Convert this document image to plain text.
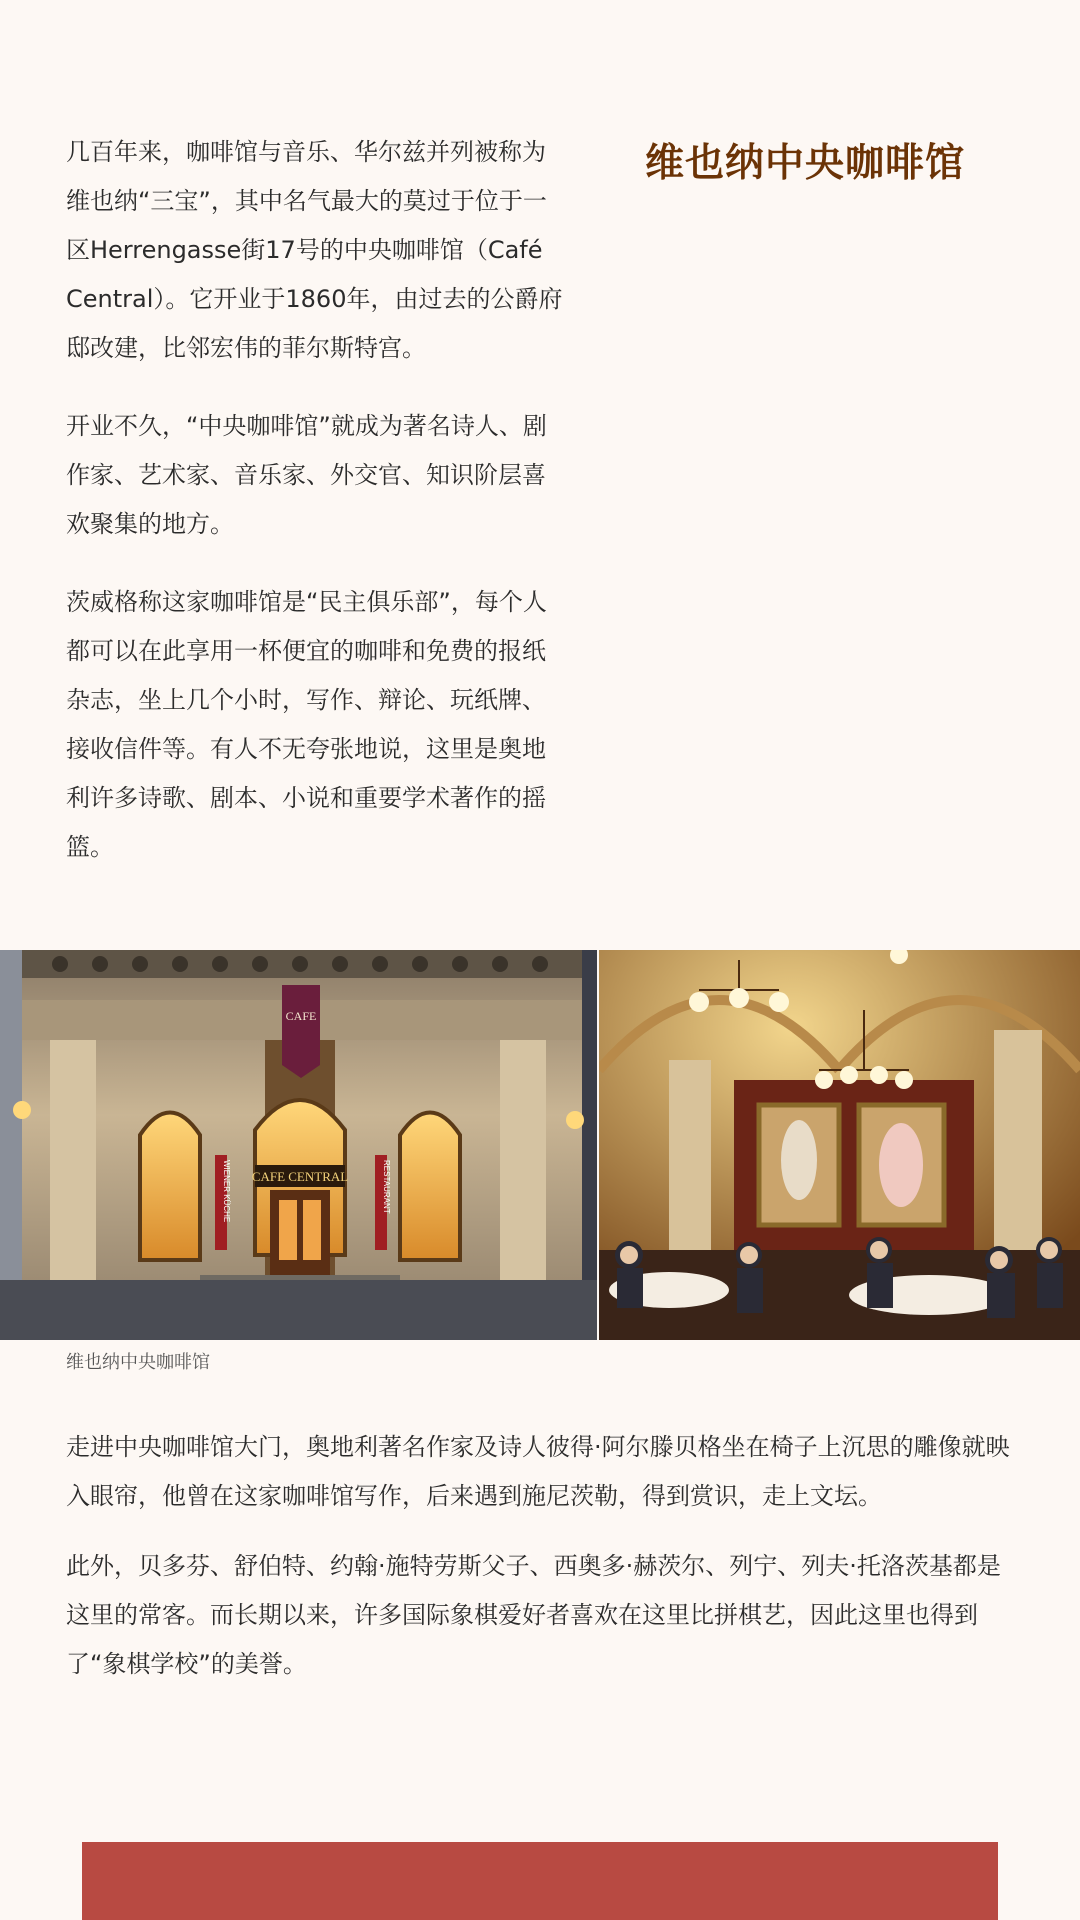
维也纳中央咖啡馆

几百年来，咖啡馆与音乐、华尔兹并列被称为维也纳“三宝”，其中名气最大的莫过于位于一区Herrengasse街17号的中央咖啡馆（Café Central）。它开业于1860年，由过去的公爵府邸改建，比邻宏伟的菲尔斯特宫。

开业不久，“中央咖啡馆”就成为著名诗人、剧作家、艺术家、音乐家、外交官、知识阶层喜欢聚集的地方。

茨威格称这家咖啡馆是“民主俱乐部”，每个人都可以在此享用一杯便宜的咖啡和免费的报纸杂志，坐上几个小时，写作、辩论、玩纸牌、接收信件等。有人不无夸张地说，这里是奥地利许多诗歌、剧本、小说和重要学术著作的摇篮。

CAFE CENTRAL
CAFE
WIENER KÜCHE	RESTAURANT
维也纳中央咖啡馆

走进中央咖啡馆大门，奥地利著名作家及诗人彼得·阿尔滕贝格坐在椅子上沉思的雕像就映入眼帘，他曾在这家咖啡馆写作，后来遇到施尼茨勒，得到赏识，走上文坛。

此外，贝多芬、舒伯特、约翰·施特劳斯父子、西奥多·赫茨尔、列宁、列夫·托洛茨基都是这里的常客。而长期以来，许多国际象棋爱好者喜欢在这里比拼棋艺，因此这里也得到了“象棋学校”的美誉。
